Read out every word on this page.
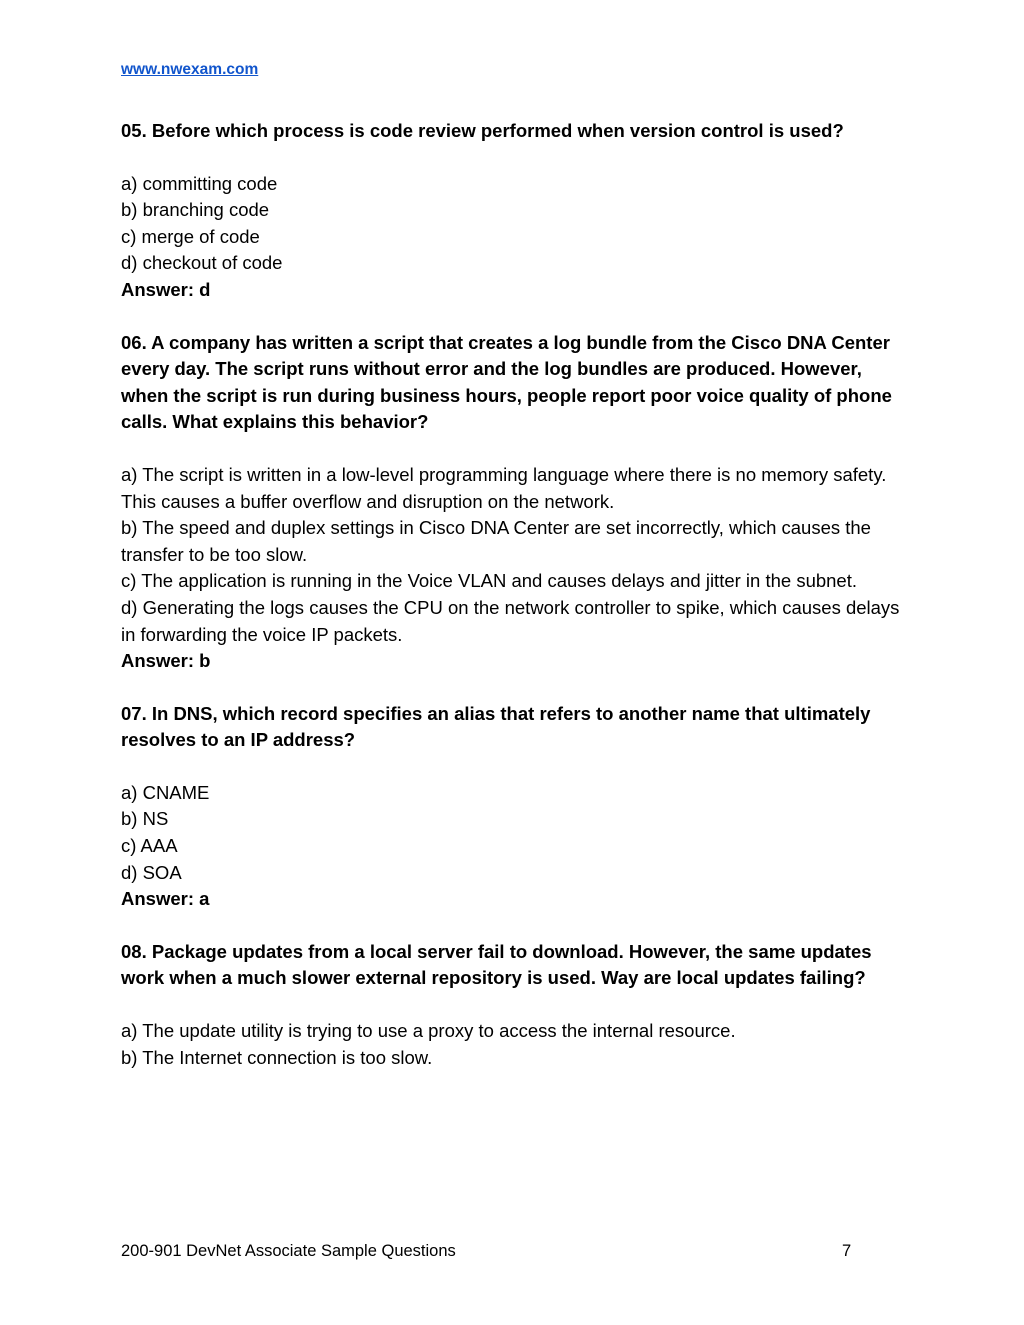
www.nwexam.com

05. Before which process is code review performed when version control is used?

a) committing code
b) branching code
c) merge of code
d) checkout of code

Answer: d

06. A company has written a script that creates a log bundle from the Cisco DNA Center every day. The script runs without error and the log bundles are produced. However, when the script is run during business hours, people report poor voice quality of phone calls. What explains this behavior?

a) The script is written in a low-level programming language where there is no memory safety. This causes a buffer overflow and disruption on the network.
b) The speed and duplex settings in Cisco DNA Center are set incorrectly, which causes the transfer to be too slow.
c) The application is running in the Voice VLAN and causes delays and jitter in the subnet.
d) Generating the logs causes the CPU on the network controller to spike, which causes delays in forwarding the voice IP packets.

Answer: b

07. In DNS, which record specifies an alias that refers to another name that ultimately resolves to an IP address?

a) CNAME
b) NS
c) AAA
d) SOA

Answer: a

08. Package updates from a local server fail to download. However, the same updates work when a much slower external repository is used. Way are local updates failing?

a) The update utility is trying to use a proxy to access the internal resource.
b) The Internet connection is too slow.
200-901 DevNet Associate Sample Questions	7
